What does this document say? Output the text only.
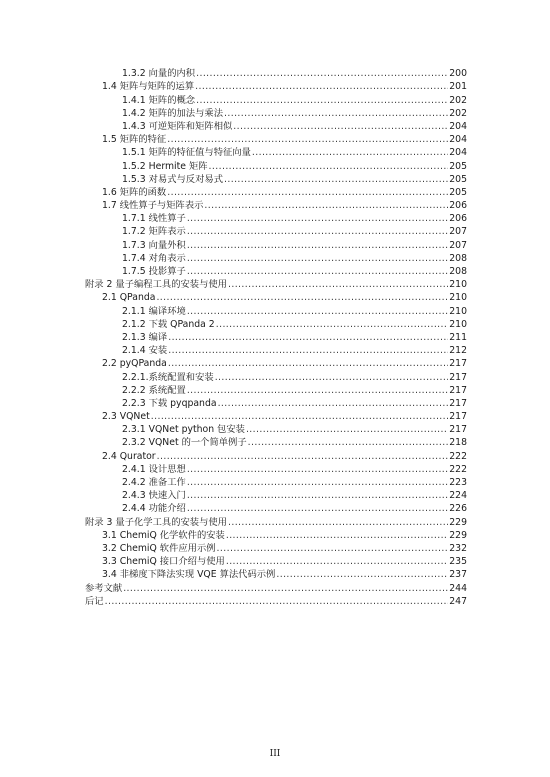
1.3.2 向量的内积 .....	200
1.4 矩阵与矩阵的运算 .....	201
1.4.1 矩阵的概念 .....	202
1.4.2 矩阵的加法与乘法 .....	202
1.4.3 可逆矩阵和矩阵相似 .....	204
1.5 矩阵的特征 .....	204
1.5.1 矩阵的特征值与特征向量 .....	204
1.5.2 Hermite 矩阵 .....	205
1.5.3 对易式与反对易式 .....	205
1.6 矩阵的函数 .....	205
1.7 线性算子与矩阵表示 .....	206
1.7.1 线性算子 .....	206
1.7.2 矩阵表示 .....	207
1.7.3 向量外积 .....	207
1.7.4 对角表示 .....	208
1.7.5 投影算子 .....	208
附录 2 量子编程工具的安装与使用 .....	210
2.1 QPanda .....	210
2.1.1 编译环境 .....	210
2.1.2 下载 QPanda 2 .....	210
2.1.3 编译 .....	211
2.1.4 安装 .....	212
2.2 pyQPanda .....	217
2.2.1.系统配置和安装 .....	217
2.2.2 系统配置 .....	217
2.2.3 下载 pyqpanda .....	217
2.3 VQNet .....	217
2.3.1 VQNet python 包安装 .....	217
2.3.2 VQNet 的一个简单例子 .....	218
2.4 Qurator .....	222
2.4.1 设计思想 .....	222
2.4.2 准备工作 .....	223
2.4.3 快速入门 .....	224
2.4.4 功能介绍 .....	226
附录 3 量子化学工具的安装与使用 .....	229
3.1 ChemiQ 化学软件的安装 .....	229
3.2 ChemiQ 软件应用示例 .....	232
3.3 ChemiQ 接口介绍与使用 .....	235
3.4 非梯度下降法实现 VQE 算法代码示例 .....	237
参考文献 .....	244
后记 .....	247
III
